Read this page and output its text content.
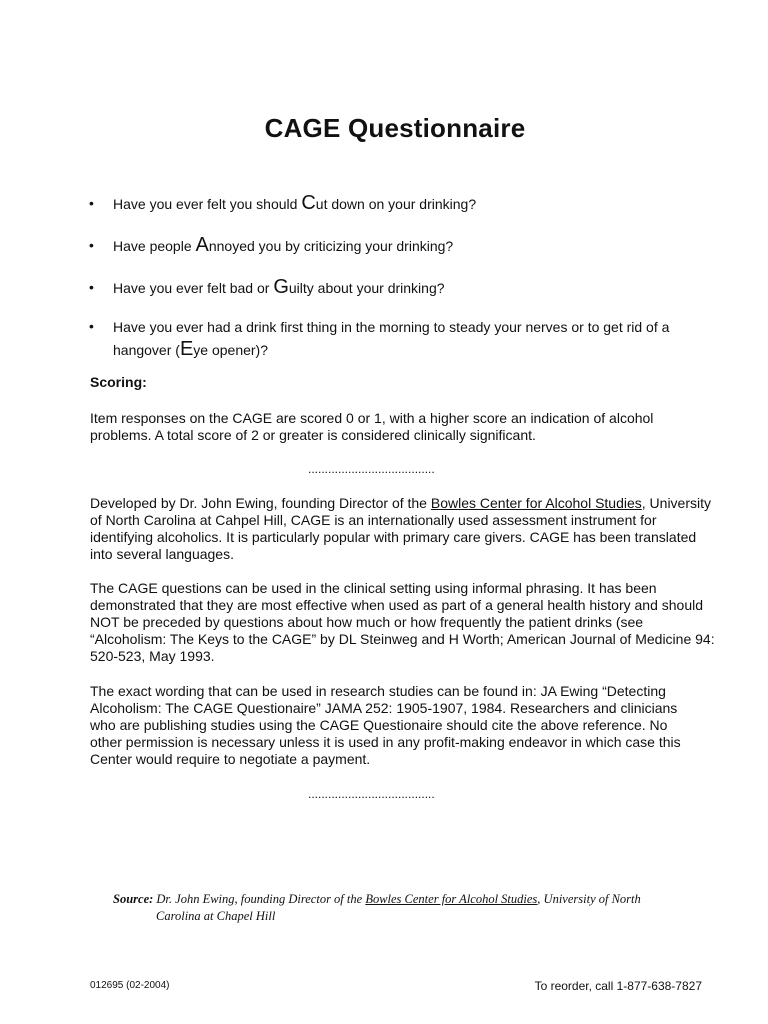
CAGE Questionnaire
• Have you ever felt you should Cut down on your drinking?

• Have people Annoyed you by criticizing your drinking?

• Have you ever felt bad or Guilty about your drinking?

• Have you ever had a drink first thing in the morning to steady your nerves or to get rid of a hangover (Eye opener)?

Scoring:

Item responses on the CAGE are scored 0 or 1, with a higher score an indication of alcohol problems. A total score of 2 or greater is considered clinically significant.

......................................

Developed by Dr. John Ewing, founding Director of the Bowles Center for Alcohol Studies, University of North Carolina at Cahpel Hill, CAGE is an internationally used assessment instrument for identifying alcoholics. It is particularly popular with primary care givers. CAGE has been translated into several languages.

The CAGE questions can be used in the clinical setting using informal phrasing. It has been demonstrated that they are most effective when used as part of a general health history and should NOT be preceded by questions about how much or how frequently the patient drinks (see “Alcoholism: The Keys to the CAGE” by DL Steinweg and H Worth; American Journal of Medicine 94: 520-523, May 1993.

The exact wording that can be used in research studies can be found in: JA Ewing “Detecting Alcoholism: The CAGE Questionaire” JAMA 252: 1905-1907, 1984. Researchers and clinicians who are publishing studies using the CAGE Questionaire should cite the above reference. No other permission is necessary unless it is used in any profit-making endeavor in which case this Center would require to negotiate a payment.

......................................

Source: Dr. John Ewing, founding Director of the Bowles Center for Alcohol Studies, University of North
Carolina at Chapel Hill

012695 (02-2004)	To reorder, call 1-877-638-7827
